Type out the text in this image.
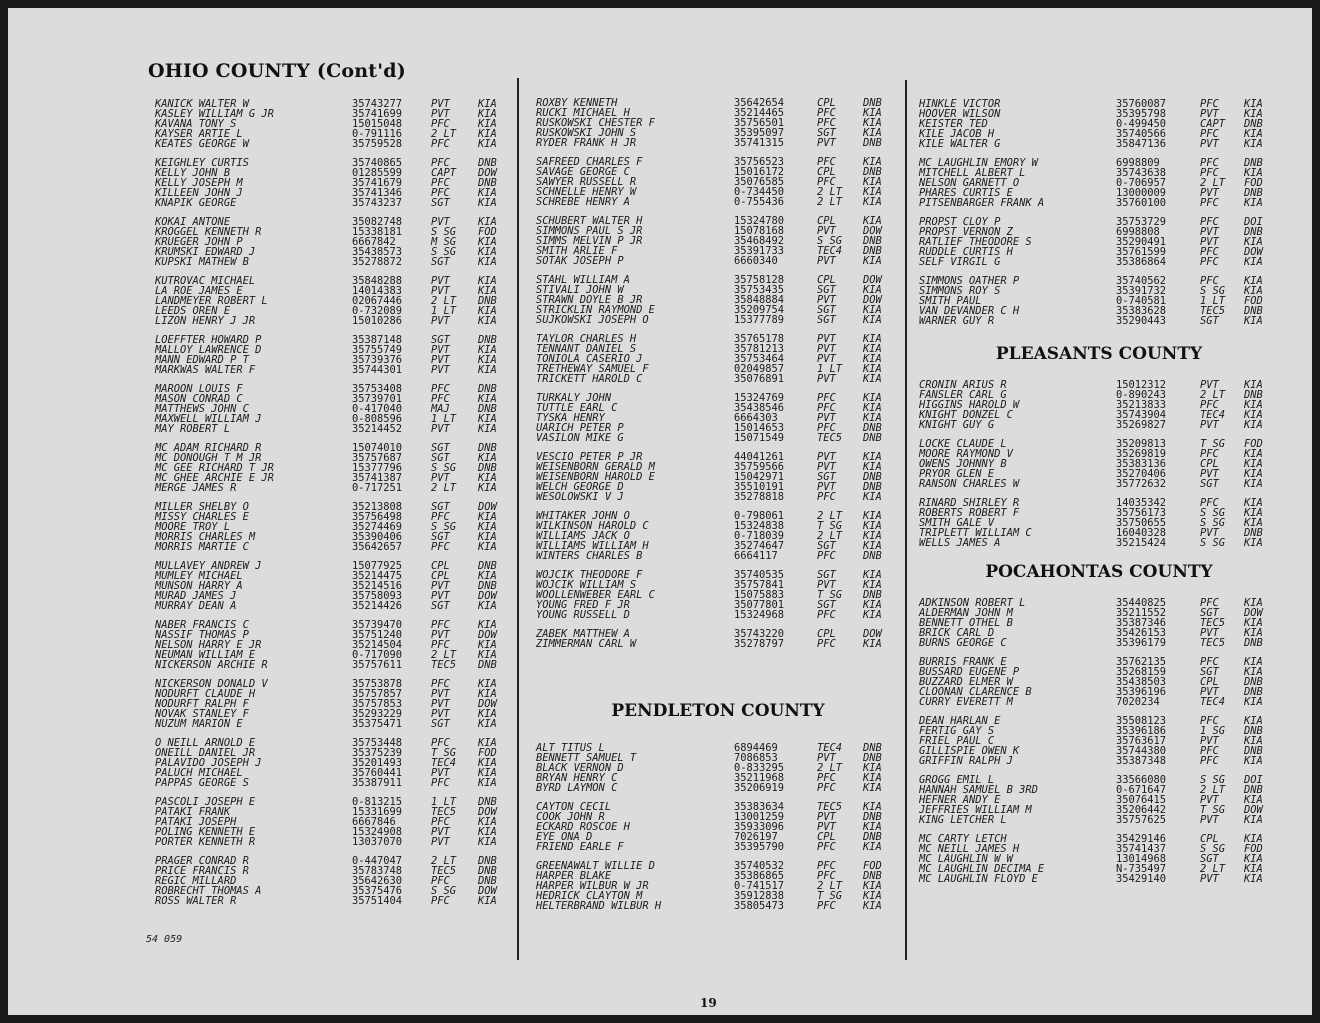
OHIO COUNTY (Cont'd)
KANICK WALTER W	35743277	PVT	KIA
KASLEY WILLIAM G JR	35741699	PVT	KIA
KAVANA TONY S	15015048	PFC	KIA
KAYSER ARTIE L	0-791116	2 LT KIA
KEATES GEORGE W	35759528	PFC	KIA
KEIGHLEY CURTIS	35740865	PFC	DNB
KELLY JOHN B	01285599	CAPT DOW
KELLY JOSEPH M	35741679	PFC	DNB
KILLEEN JOHN J	35741346	PFC	KIA
KNAPIK GEORGE	35743237	SGT	KIA
KOKAI ANTONE	35082748	PVT	KIA
KROGGEL KENNETH R	15338181	S SG FOD
KRUEGER JOHN P	6667842	M SG KIA
KRUMSKI EDWARD J	35438573	S SG KIA
KUPSKI MATHEW B	35278872	SGT	KIA
KUTROVAC MICHAEL	35848288	PVT	KIA
LA ROE JAMES E	14014383	PVT	KIA
LANDMEYER ROBERT L	02067446	2 LT DNB
LEEDS OREN E	0-732089	1 LT KIA
LIZON HENRY J JR	15010286	PVT	KIA
LOEFFTER HOWARD P	35387148	SGT	DNB
MALLOY LAWRENCE D	35755749	PVT	KIA
MANN EDWARD P T	35739376	PVT	KIA
MARKWAS WALTER F	35744301	PVT	KIA
MAROON LOUIS F	35753408	PFC	DNB
MASON CONRAD C	35739701	PFC	KIA
MATTHEWS JOHN C	0-417040	MAJ	DNB
MAXWELL WILLIAM J	0-808596	1 LT KIA
MAY ROBERT L	35214452	PVT	KIA
MC ADAM RICHARD R	15074010	SGT	DNB
MC DONOUGH T M JR	35757687	SGT	KIA
MC GEE RICHARD T JR	15377796	S SG DNB
MC GHEE ARCHIE E JR	35741387	PVT	KIA
MERGE JAMES R	0-717251	2 LT KIA
MILLER SHELBY O	35213808	SGT	DOW
MISSY CHARLES E	35756498	PFC	KIA
MOORE TROY L	35274469	S SG KIA
MORRIS CHARLES M	35390406	SGT	KIA
MORRIS MARTIE C	35642657	PFC	KIA
MULLAVEY ANDREW J	15077925	CPL	DNB
MUMLEY MICHAEL	35214475	CPL	KIA
MUNSON HARRY A	35214516	PVT	DNB
MURAD JAMES J	35758093	PVT	DOW
MURRAY DEAN A	35214426	SGT	KIA
NABER FRANCIS C	35739470	PFC	KIA
NASSIF THOMAS P	35751240	PVT	DOW
NELSON HARRY E JR	35214504	PFC	KIA
NEUMAN WILLIAM E	0-717090	2 LT KIA
NICKERSON ARCHIE R	35757611	TEC5 DNB
NICKERSON DONALD V	35753878	PFC	KIA
NODURFT CLAUDE H	35757857	PVT	KIA
NODURFT RALPH F	35757853	PVT	DOW
NOVAK STANLEY F	35293229	PVT	KIA
NUZUM MARION E	35375471	SGT	KIA
O NEILL ARNOLD E	35753448	PFC	KIA
ONEILL DANIEL JR	35375239	T SG FOD
PALAVIDO JOSEPH J	35201493	TEC4 KIA
PALUCH MICHAEL	35760441	PVT	KIA
PAPPAS GEORGE S	35387911	PFC	KIA
PASCOLI JOSEPH E	0-813215	1 LT DNB
PATAKI FRANK	15331699	TEC5 DOW
PATAKI JOSEPH	6667846	PFC	KIA
POLING KENNETH E	15324908	PVT	KIA
PORTER KENNETH R	13037070	PVT	KIA
PRAGER CONRAD R	0-447047	2 LT DNB
PRICE FRANCIS R	35783748	TEC5 DNB
REGIC MILLARD	35642630	PFC	DNB
ROBRECHT THOMAS A	35375476	S SG DOW
ROSS WALTER R	35751404	PFC	KIA
ROXBY KENNETH	35642654	CPL	DNB
RUCKI MICHAEL H	35214465	PFC	KIA
RUSKOWSKI CHESTER F	35756501	PFC	KIA
RUSKOWSKI JOHN S	35395097	SGT	KIA
RYDER FRANK H JR	35741315	PVT	DNB
SAFREED CHARLES F	35756523	PFC	KIA
SAVAGE GEORGE C	15016172	CPL	DNB
SAWYER RUSSELL R	35076585	PFC	KIA
SCHNELLE HENRY W	0-734450	2 LT KIA
SCHREBE HENRY A	0-755436	2 LT KIA
SCHUBERT WALTER H	15324780	CPL	KIA
SIMMONS PAUL S JR	15078168	PVT	DOW
SIMMS MELVIN P JR	35468492	S SG DNB
SMITH ARLIE F	35391733	TEC4 DNB
SOTAK JOSEPH P	6660340	PVT	KIA
STAHL WILLIAM A	35758128	CPL	DOW
STIVALI JOHN W	35753435	SGT	KIA
STRAWN DOYLE B JR	35848884	PVT	DOW
STRICKLIN RAYMOND E	35209754	SGT	KIA
SUJKOWSKI JOSEPH O	15377789	SGT	KIA
TAYLOR CHARLES H	35765178	PVT	KIA
TENNANT DANIEL S	35781213	PVT	KIA
TONIOLA CASERIO J	35753464	PVT	KIA
TRETHEWAY SAMUEL F	02049857	1 LT KIA
TRICKETT HAROLD C	35076891	PVT	KIA
TURKALY JOHN	15324769	PFC	KIA
TUTTLE EARL C	35438546	PFC	KIA
TYSKA HENRY	6664303	PVT	KIA
UARICH PETER P	15014653	PFC	DNB
VASILON MIKE G	15071549	TEC5 DNB
VESCIO PETER P JR	44041261	PVT	KIA
WEISENBORN GERALD M	35759566	PVT	KIA
WEISENBORN HAROLD E	15042971	SGT	DNB
WELCH GEORGE D	35510191	PVT	DNB
WESOLOWSKI V J	35278818	PFC	KIA
WHITAKER JOHN O	0-798061	2 LT KIA
WILKINSON HAROLD C	15324838	T SG KIA
WILLIAMS JACK O	0-718039	2 LT KIA
WILLIAMS WILLIAM H	35274647	SGT	KIA
WINTERS CHARLES B	6664117	PFC	DNB
WOJCIK THEODORE F	35740535	SGT	KIA
WOJCIK WILLIAM S	35757841	PVT	KIA
WOOLLENWEBER EARL C	15075883	T SG DNB
YOUNG FRED F JR	35077801	SGT	KIA
YOUNG RUSSELL D	15324968	PFC	KIA
ZABEK MATTHEW A	35743220	CPL	DOW
ZIMMERMAN CARL W	35278797	PFC	KIA
PENDLETON COUNTY
ALT TITUS L	6894469	TEC4 DNB
BENNETT SAMUEL T	7086853	PVT	DNB
BLACK VERNON D	0-833295	2 LT KIA
BRYAN HENRY C	35211968	PFC	KIA
BYRD LAYMON C	35206919	PFC	KIA
CAYTON CECIL	35383634	TEC5 KIA
COOK JOHN R	13001259	PVT	DNB
ECKARD ROSCOE H	35933096	PVT	KIA
EYE ONA D	7026197	CPL	DNB
FRIEND EARLE F	35395790	PFC	KIA
GREENAWALT WILLIE D	35740532	PFC	FOD
HARPER BLAKE	35386865	PFC	DNB
HARPER WILBUR W JR	0-741517	2 LT KIA
HEDRICK CLAYTON M	35912838	T SG KIA
HELTERBRAND WILBUR H	35805473	PFC	KIA
HINKLE VICTOR	35760087	PFC KIA
HOOVER WILSON	35395798	PVT KIA
KEISTER TED	0-499450	CAPT DNB
KILE JACOB H	35740566	PFC KIA
KILE WALTER G	35847136	PVT KIA
MC LAUGHLIN EMORY W	6998809	PFC DNB
MITCHELL ALBERT L	35743638	PFC KIA
NELSON GARNETT O	0-706957	2 LT FOD
PHARES CURTIS E	13000009	PVT DNB
PITSENBARGER FRANK A	35760100	PFC KIA
PROPST CLOY P	35753729	PFC DOI
PROPST VERNON Z	6998808	PVT DNB
RATLIEF THEODORE S	35290491	PVT KIA
RUDDLE CURTIS H	35761599	PFC DOW
SELF VIRGIL G	35386864	PFC KIA
SIMMONS OATHER P	35740562	PFC KIA
SIMMONS ROY S	35391732	S SG KIA
SMITH PAUL	0-740581	1 LT FOD
VAN DEVANDER C H	35383628	TEC5 DNB
WARNER GUY R	35290443	SGT KIA
PLEASANTS COUNTY
CRONIN ARIUS R	15012312	PVT KIA
FANSLER CARL G	0-890243	2 LT DNB
HIGGINS HAROLD W	35213833	PFC KIA
KNIGHT DONZEL C	35743904	TEC4 KIA
KNIGHT GUY G	35269827	PVT KIA
LOCKE CLAUDE L	35209813	T SG FOD
MOORE RAYMOND V	35269819	PFC KIA
OWENS JOHNNY B	35383136	CPL KIA
PRYOR GLEN E	35270406	PVT KIA
RANSON CHARLES W	35772632	SGT KIA
RINARD SHIRLEY R	14035342	PFC KIA
ROBERTS ROBERT F	35756173	S SG KIA
SMITH GALE V	35750655	S SG KIA
TRIPLETT WILLIAM C	16040328	PVT DNB
WELLS JAMES A	35215424	S SG KIA
POCAHONTAS COUNTY
ADKINSON ROBERT L	35440825	PFC KIA
ALDERMAN JOHN M	35211552	SGT DOW
BENNETT OTHEL B	35387346	TEC5 KIA
BRICK CARL D	35426153	PVT KIA
BURNS GEORGE C	35396179	TEC5 DNB
BURRIS FRANK E	35762135	PFC KIA
BUSSARD EUGENE P	35268159	SGT KIA
BUZZARD ELMER W	35438503	CPL DNB
CLOONAN CLARENCE B	35396196	PVT DNB
CURRY EVERETT M	7020234	TEC4 KIA
DEAN HARLAN E	35508123	PFC KIA
FERTIG GAY S	35396186	1 SG DNB
FRIEL PAUL C	35763617	PVT KIA
GILLISPIE OWEN K	35744380	PFC DNB
GRIFFIN RALPH J	35387348	PFC KIA
GROGG EMIL L	33566080	S SG DOI
HANNAH SAMUEL B 3RD	0-671647	2 LT DNB
HEFNER ANDY E	35076415	PVT KIA
JEFFRIES WILLIAM M	35206442	T SG DOW
KING LETCHER L	35757625	PVT KIA
MC CARTY LETCH	35429146	CPL KIA
MC NEILL JAMES H	35741437	S SG FOD
MC LAUGHLIN W W	13014968	SGT KIA
MC LAUGHLIN DECIMA E	N-735497	2 LT KIA
MC LAUGHLIN FLOYD E	35429140	PVT KIA
54 059
19
